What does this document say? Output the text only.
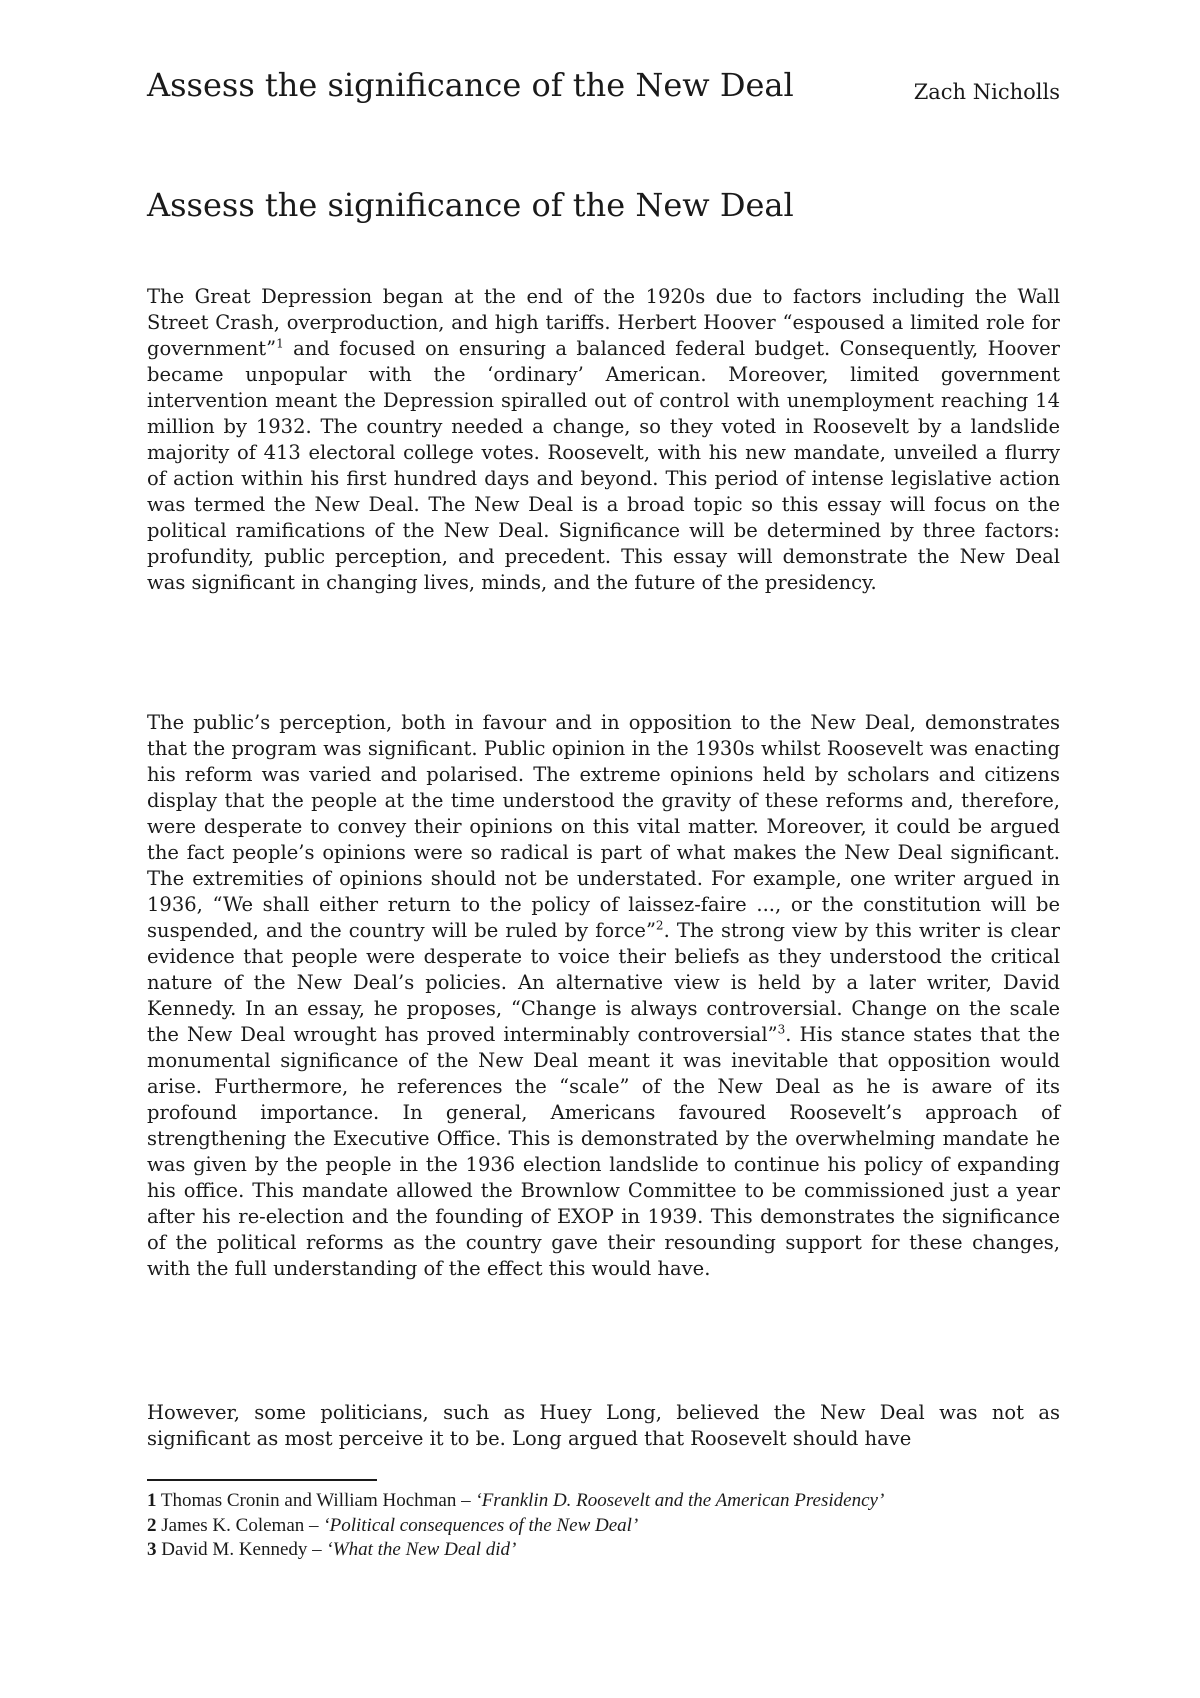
Assess the significance of the New Deal	Zach Nicholls
Assess the significance of the New Deal

The Great Depression began at the end of the 1920s due to factors including the Wall Street Crash, overproduction, and high tariffs. Herbert Hoover “espoused a limited role for government”$^1$ and focused on ensuring a balanced federal budget. Consequently, Hoover became unpopular with the ‘ordinary’ American. Moreover, limited government intervention meant the Depression spiralled out of control with unemployment reaching 14 million by 1932. The country needed a change, so they voted in Roosevelt by a landslide majority of 413 electoral college votes. Roosevelt, with his new mandate, unveiled a flurry of action within his first hundred days and beyond. This period of intense legislative action was termed the New Deal. The New Deal is a broad topic so this essay will focus on the political ramifications of the New Deal. Significance will be determined by three factors: profundity, public perception, and precedent. This essay will demonstrate the New Deal was significant in changing lives, minds, and the future of the presidency.

The public’s perception, both in favour and in opposition to the New Deal, demonstrates that the program was significant. Public opinion in the 1930s whilst Roosevelt was enacting his reform was varied and polarised. The extreme opinions held by scholars and citizens display that the people at the time understood the gravity of these reforms and, therefore, were desperate to convey their opinions on this vital matter. Moreover, it could be argued the fact people’s opinions were so radical is part of what makes the New Deal significant. The extremities of opinions should not be understated. For example, one writer argued in 1936, “We shall either return to the policy of laissez-faire ..., or the constitution will be suspended, and the country will be ruled by force”$^2$. The strong view by this writer is clear evidence that people were desperate to voice their beliefs as they understood the critical nature of the New Deal’s policies. An alternative view is held by a later writer, David Kennedy. In an essay, he proposes, “Change is always controversial. Change on the scale the New Deal wrought has proved interminably controversial”$^3$. His stance states that the monumental significance of the New Deal meant it was inevitable that opposition would arise. Furthermore, he references the “scale” of the New Deal as he is aware of its profound importance. In general, Americans favoured Roosevelt’s approach of strengthening the Executive Office. This is demonstrated by the overwhelming mandate he was given by the people in the 1936 election landslide to continue his policy of expanding his office. This mandate allowed the Brownlow Committee to be commissioned just a year after his re-election and the founding of EXOP in 1939. This demonstrates the significance of the political reforms as the country gave their resounding support for these changes, with the full understanding of the effect this would have.

However, some politicians, such as Huey Long, believed the New Deal was not as significant as most perceive it to be. Long argued that Roosevelt should have

1 Thomas Cronin and William Hochman – ‘Franklin D. Roosevelt and the American Presidency’
2 James K. Coleman – ‘Political consequences of the New Deal’
3 David M. Kennedy – ‘What the New Deal did’
